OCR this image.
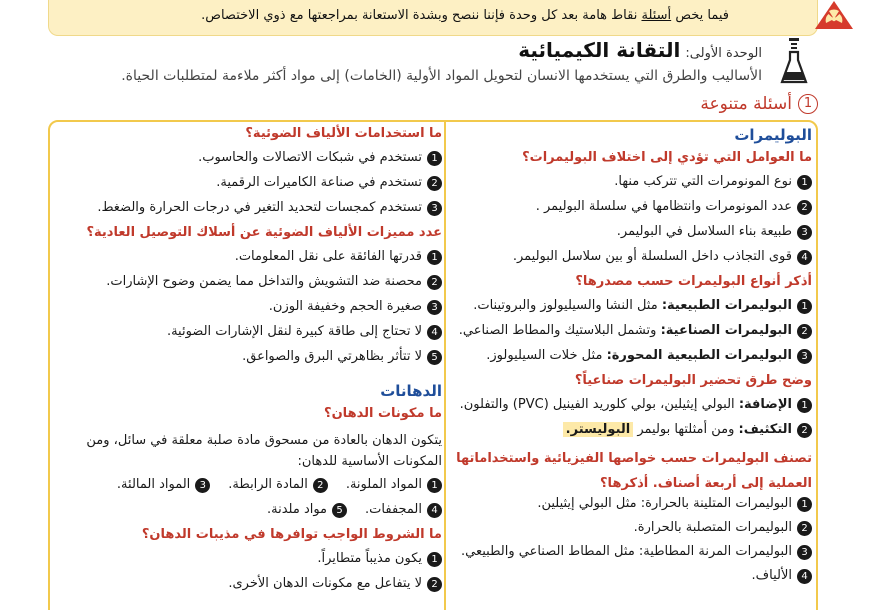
فيما يخص أسئلة نقاط هامة بعد كل وحدة فإننا ننصح وبشدة الاستعانة بمراجعتها مع ذوي الاختصاص.
الوحدة الأولى: التقانة الكيميائية
الأساليب والطرق التي يستخدمها الانسان لتحويل المواد الأولية (الخامات) إلى مواد أكثر ملاءمة لمتطلبات الحياة.
1
أسئلة متنوعة
البوليمرات
ما العوامل التي تؤدي إلى اختلاف البوليمرات؟
1
نوع المونومرات التي تتركب منها.
2
عدد المونومرات وانتظامها في سلسلة البوليمر .
3
طبيعة بناء السلاسل في البوليمر.
4
قوى التجاذب داخل السلسلة أو بين سلاسل البوليمر.
أذكر أنواع البوليمرات حسب مصدرها؟
1
البوليمرات الطبيعية: مثل النشا والسيليولوز والبروتينات.
2
البوليمرات الصناعية: وتشمل البلاستيك والمطاط الصناعي.
3
البوليمرات الطبيعية المحورة: مثل خلات السيليولوز.
وضح طرق تحضير البوليمرات صناعياً؟
1
الإضافة: البولي إيثيلين، بولي كلوريد الفينيل (PVC) والتفلون.
2
التكثيف: ومن أمثلتها بوليمر البوليستر.
تصنف البوليمرات حسب خواصها الفيزيائية واستخداماتها العملية إلى أربعة أصناف. أذكرها؟
1
البوليمرات المتلينة بالحرارة: مثل البولي إيثيلين.
2
البوليمرات المتصلبة بالحرارة.
3
البوليمرات المرنة المطاطية: مثل المطاط الصناعي والطبيعي.
4
الألياف.
ما استخدامات الألياف الضوئية؟
1
تستخدم في شبكات الاتصالات والحاسوب.
2
تستخدم في صناعة الكاميرات الرقمية.
3
تستخدم كمجسات لتحديد التغير في درجات الحرارة والضغط.
عدد مميزات الألياف الضوئية عن أسلاك التوصيل العادية؟
1
قدرتها الفائقة على نقل المعلومات.
2
محصنة ضد التشويش والتداخل مما يضمن وضوح الإشارات.
3
صغيرة الحجم وخفيفة الوزن.
4
لا تحتاج إلى طاقة كبيرة لنقل الإشارات الضوئية.
5
لا تتأثر بظاهرتي البرق والصواعق.
الدهانات
ما مكونات الدهان؟
يتكون الدهان بالعادة من مسحوق مادة صلبة معلقة في سائل، ومن المكونات الأساسية للدهان:
1
المواد الملونة.
2
المادة الرابطة.
3
المواد المالئة.
4
المجففات.
5
مواد ملدنة.
ما الشروط الواجب توافرها في مذيبات الدهان؟
1
يكون مذيباً متطايراً.
2
لا يتفاعل مع مكونات الدهان الأخرى.
